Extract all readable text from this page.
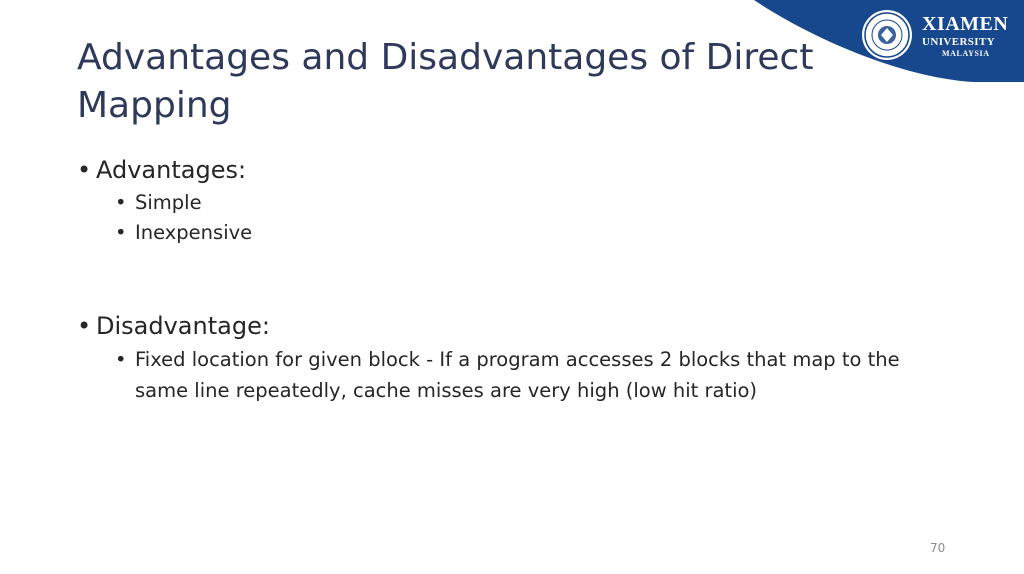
XIAMEN
UNIVERSITY
MALAYSIA
Advantages and Disadvantages of Direct Mapping
• Advantages:
• Simple
• Inexpensive
• Disadvantage:
• Fixed location for given block - If a program accesses 2 blocks that map to the same line repeatedly, cache misses are very high (low hit ratio)
70
